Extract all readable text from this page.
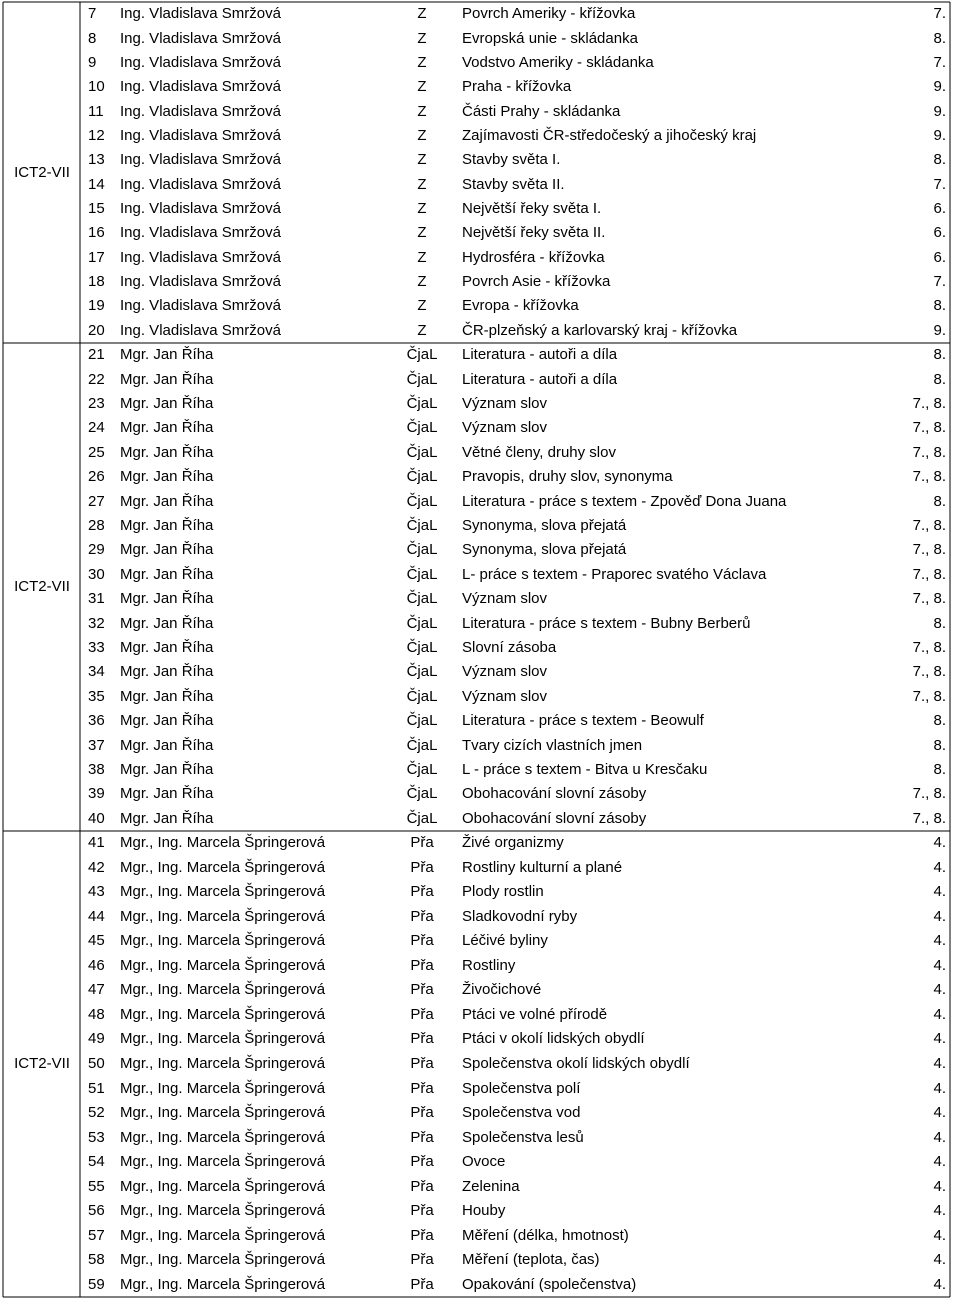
ICT2-VII
7	Ing. Vladislava Smržová	Z	Povrch Ameriky - křížovka	7.
8	Ing. Vladislava Smržová	Z	Evropská unie - skládanka	8.
9	Ing. Vladislava Smržová	Z	Vodstvo Ameriky - skládanka	7.
10	Ing. Vladislava Smržová	Z	Praha - křížovka	9.
11	Ing. Vladislava Smržová	Z	Části Prahy - skládanka	9.
12	Ing. Vladislava Smržová	Z	Zajímavosti ČR-středočeský a jihočeský kraj	9.
13	Ing. Vladislava Smržová	Z	Stavby světa I.	8.
14	Ing. Vladislava Smržová	Z	Stavby světa II.	7.
15	Ing. Vladislava Smržová	Z	Největší řeky světa I.	6.
16	Ing. Vladislava Smržová	Z	Největší řeky světa II.	6.
17	Ing. Vladislava Smržová	Z	Hydrosféra - křížovka	6.
18	Ing. Vladislava Smržová	Z	Povrch Asie - křížovka	7.
19	Ing. Vladislava Smržová	Z	Evropa - křížovka	8.
20	Ing. Vladislava Smržová	Z	ČR-plzeňský a karlovarský kraj - křížovka	9.
ICT2-VII
21	Mgr. Jan Říha	ČjaL	Literatura - autoři a díla	8.
22	Mgr. Jan Říha	ČjaL	Literatura - autoři a díla	8.
23	Mgr. Jan Říha	ČjaL	Význam slov	7., 8.
24	Mgr. Jan Říha	ČjaL	Význam slov	7., 8.
25	Mgr. Jan Říha	ČjaL	Větné členy, druhy slov	7., 8.
26	Mgr. Jan Říha	ČjaL	Pravopis, druhy slov, synonyma	7., 8.
27	Mgr. Jan Říha	ČjaL	Literatura - práce s textem - Zpověď Dona Juana	8.
28	Mgr. Jan Říha	ČjaL	Synonyma, slova přejatá	7., 8.
29	Mgr. Jan Říha	ČjaL	Synonyma, slova přejatá	7., 8.
30	Mgr. Jan Říha	ČjaL	L- práce s textem - Praporec svatého Václava	7., 8.
31	Mgr. Jan Říha	ČjaL	Význam slov	7., 8.
32	Mgr. Jan Říha	ČjaL	Literatura - práce s textem - Bubny Berberů	8.
33	Mgr. Jan Říha	ČjaL	Slovní zásoba	7., 8.
34	Mgr. Jan Říha	ČjaL	Význam slov	7., 8.
35	Mgr. Jan Říha	ČjaL	Význam slov	7., 8.
36	Mgr. Jan Říha	ČjaL	Literatura - práce s textem - Beowulf	8.
37	Mgr. Jan Říha	ČjaL	Tvary cizích vlastních jmen	8.
38	Mgr. Jan Říha	ČjaL	L - práce s textem - Bitva u Kresčaku	8.
39	Mgr. Jan Říha	ČjaL	Obohacování slovní zásoby	7., 8.
40	Mgr. Jan Říha	ČjaL	Obohacování slovní zásoby	7., 8.
ICT2-VII
41	Mgr., Ing. Marcela Špringerová	Přa	Živé organizmy	4.
42	Mgr., Ing. Marcela Špringerová	Přa	Rostliny kulturní a plané	4.
43	Mgr., Ing. Marcela Špringerová	Přa	Plody rostlin	4.
44	Mgr., Ing. Marcela Špringerová	Přa	Sladkovodní ryby	4.
45	Mgr., Ing. Marcela Špringerová	Přa	Léčivé byliny	4.
46	Mgr., Ing. Marcela Špringerová	Přa	Rostliny	4.
47	Mgr., Ing. Marcela Špringerová	Přa	Živočichové	4.
48	Mgr., Ing. Marcela Špringerová	Přa	Ptáci ve volné přírodě	4.
49	Mgr., Ing. Marcela Špringerová	Přa	Ptáci v okolí lidských obydlí	4.
50	Mgr., Ing. Marcela Špringerová	Přa	Společenstva okolí lidských obydlí	4.
51	Mgr., Ing. Marcela Špringerová	Přa	Společenstva polí	4.
52	Mgr., Ing. Marcela Špringerová	Přa	Společenstva vod	4.
53	Mgr., Ing. Marcela Špringerová	Přa	Společenstva lesů	4.
54	Mgr., Ing. Marcela Špringerová	Přa	Ovoce	4.
55	Mgr., Ing. Marcela Špringerová	Přa	Zelenina	4.
56	Mgr., Ing. Marcela Špringerová	Přa	Houby	4.
57	Mgr., Ing. Marcela Špringerová	Přa	Měření (délka, hmotnost)	4.
58	Mgr., Ing. Marcela Špringerová	Přa	Měření (teplota, čas)	4.
59	Mgr., Ing. Marcela Špringerová	Přa	Opakování (společenstva)	4.
